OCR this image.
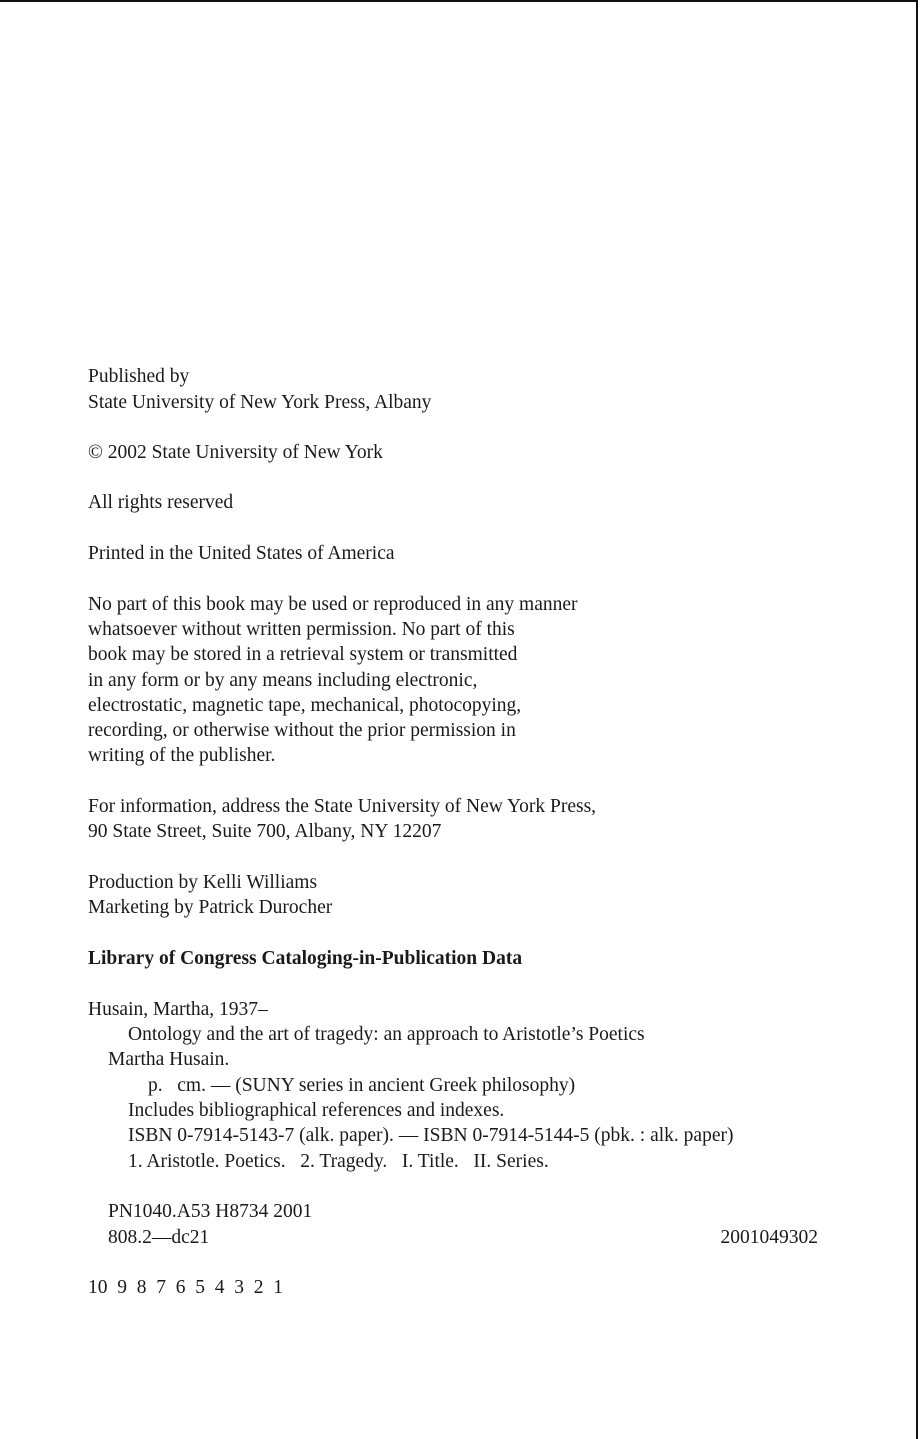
Published by
State University of New York Press, Albany
© 2002 State University of New York
All rights reserved
Printed in the United States of America
No part of this book may be used or reproduced in any manner
whatsoever without written permission. No part of this
book may be stored in a retrieval system or transmitted
in any form or by any means including electronic,
electrostatic, magnetic tape, mechanical, photocopying,
recording, or otherwise without the prior permission in
writing of the publisher.
For information, address the State University of New York Press,
90 State Street, Suite 700, Albany, NY 12207
Production by Kelli Williams
Marketing by Patrick Durocher
Library of Congress Cataloging-in-Publication Data
Husain, Martha, 1937–
Ontology and the art of tragedy: an approach to Aristotle’s Poetics
Martha Husain.
p.   cm. — (SUNY series in ancient Greek philosophy)
Includes bibliographical references and indexes.
ISBN 0-7914-5143-7 (alk. paper). — ISBN 0-7914-5144-5 (pbk. : alk. paper)
1. Aristotle. Poetics.   2. Tragedy.   I. Title.   II. Series.
PN1040.A53 H8734 2001
808.2—dc21	2001049302
10  9  8  7  6  5  4  3  2  1
